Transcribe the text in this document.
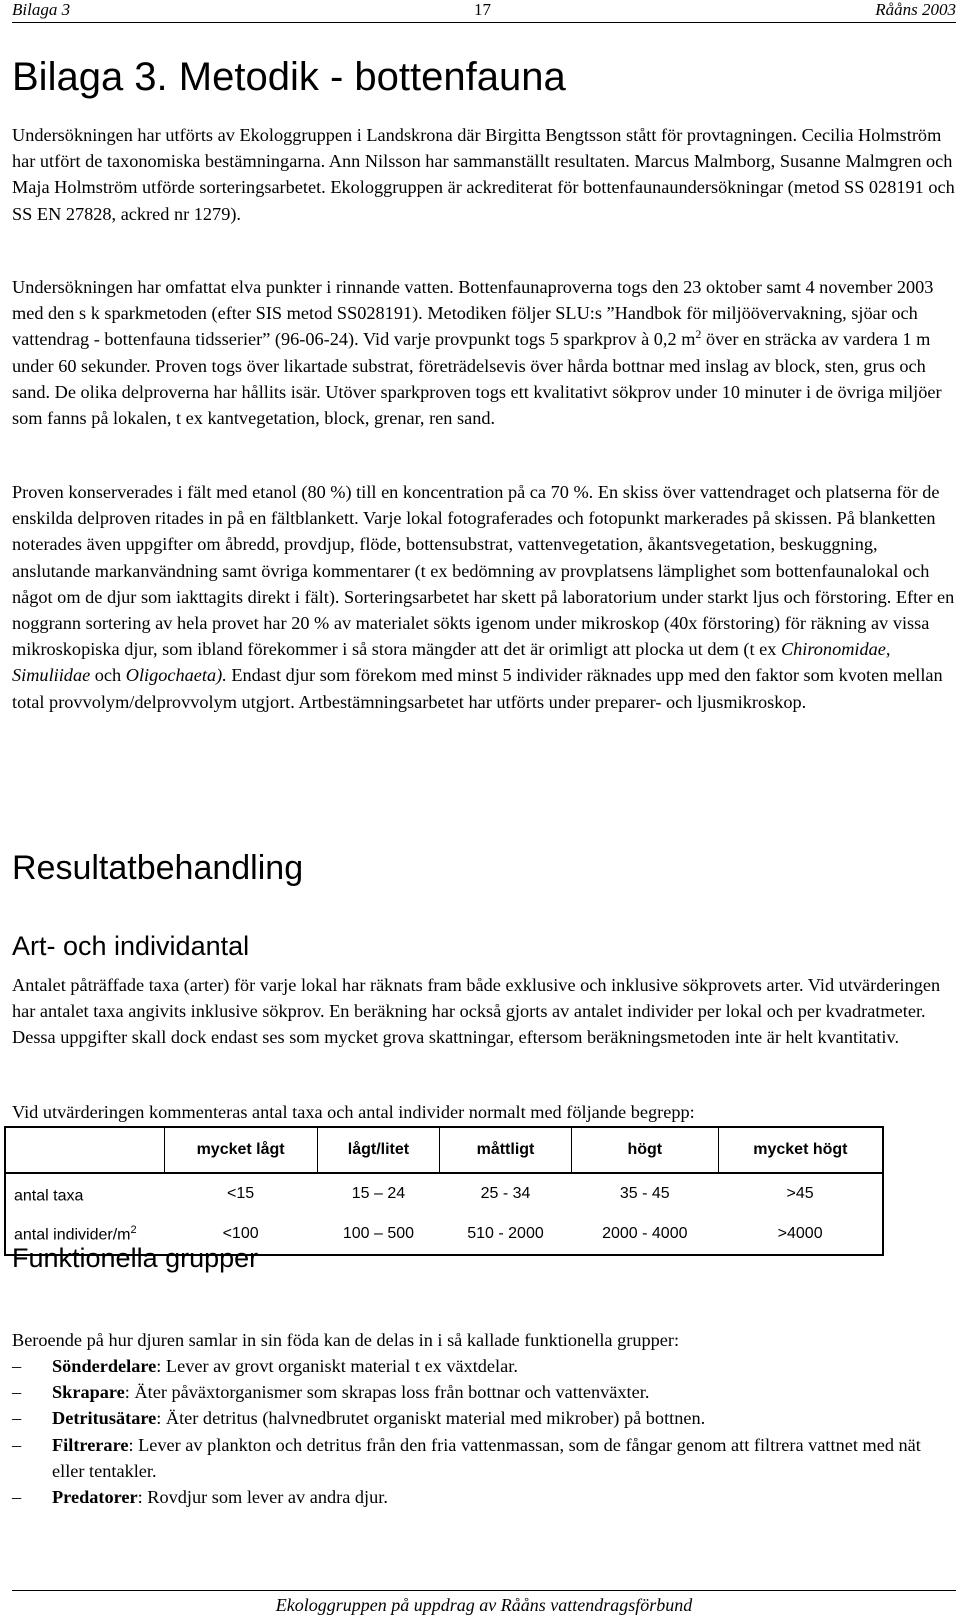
Bilaga 3	17	Rååns 2003
Bilaga 3. Metodik - bottenfauna

Undersökningen har utförts av Ekologgruppen i Landskrona där Birgitta Bengtsson stått för provtagningen. Cecilia Holmström har utfört de taxonomiska bestämningarna. Ann Nilsson har sammanställt resultaten. Marcus Malmborg, Susanne Malmgren och Maja Holmström utförde sorteringsarbetet. Ekologgruppen är ackrediterat för bottenfaunaundersökningar (metod SS 028191 och SS EN 27828, ackred nr 1279).

Undersökningen har omfattat elva punkter i rinnande vatten. Bottenfaunaproverna togs den 23 oktober samt 4 november 2003 med den s k sparkmetoden (efter SIS metod SS028191). Metodiken följer SLU:s ”Handbok för miljöövervakning, sjöar och vattendrag - bottenfauna tidsserier” (96-06-24). Vid varje provpunkt togs 5 sparkprov à 0,2 $m^2$ över en sträcka av vardera 1 m under 60 sekunder. Proven togs över likartade substrat, företrädelsevis över hårda bottnar med inslag av block, sten, grus och sand. De olika delproverna har hållits isär. Utöver sparkproven togs ett kvalitativt sökprov under 10 minuter i de övriga miljöer som fanns på lokalen, t ex kantvegetation, block, grenar, ren sand.

Proven konserverades i fält med etanol (80 %) till en koncentration på ca 70 %. En skiss över vattendraget och platserna för de enskilda delproven ritades in på en fältblankett. Varje lokal fotograferades och fotopunkt markerades på skissen. På blanketten noterades även uppgifter om åbredd, provdjup, flöde, bottensubstrat, vattenvegetation, åkantsvegetation, beskuggning, anslutande markanvändning samt övriga kommentarer (t ex bedömning av provplatsens lämplighet som bottenfaunalokal och något om de djur som iakttagits direkt i fält). Sorteringsarbetet har skett på laboratorium under starkt ljus och förstoring. Efter en noggrann sortering av hela provet har 20 % av materialet sökts igenom under mikroskop (40x förstoring) för räkning av vissa mikroskopiska djur, som ibland förekommer i så stora mängder att det är orimligt att plocka ut dem (t ex Chironomidae, Simuliidae och Oligochaeta). Endast djur som förekom med minst 5 individer räknades upp med den faktor som kvoten mellan total provvolym/delprovvolym utgjort. Artbestämningsarbetet har utförts under preparer- och ljusmikroskop.

Resultatbehandling
Art- och individantal

Antalet påträffade taxa (arter) för varje lokal har räknats fram både exklusive och inklusive sökprovets arter. Vid utvärderingen har antalet taxa angivits inklusive sökprov. En beräkning har också gjorts av antalet individer per lokal och per kvadratmeter. Dessa uppgifter skall dock endast ses som mycket grova skattningar, eftersom beräkningsmetoden inte är helt kvantitativ.

Vid utvärderingen kommenteras antal taxa och antal individer normalt med följande begrepp:

	mycket lågt	lågt/litet	måttligt	högt	mycket högt
antal taxa	<15	15 – 24	25 - 34	35 - 45	>45
antal individer/$m^2$	<100	100 – 500	510 - 2000	2000 - 4000	>4000
Funktionella grupper

Beroende på hur djuren samlar in sin föda kan de delas in i så kallade funktionella grupper:

– Sönderdelare: Lever av grovt organiskt material t ex växtdelar.
– Skrapare: Äter påväxtorganismer som skrapas loss från bottnar och vattenväxter.
– Detritusätare: Äter detritus (halvnedbrutet organiskt material med mikrober) på bottnen.
– Filtrerare: Lever av plankton och detritus från den fria vattenmassan, som de fångar genom att filtrera vattnet med nät eller tentakler.
– Predatorer: Rovdjur som lever av andra djur.
Ekologgruppen på uppdrag av Rååns vattendragsförbund
